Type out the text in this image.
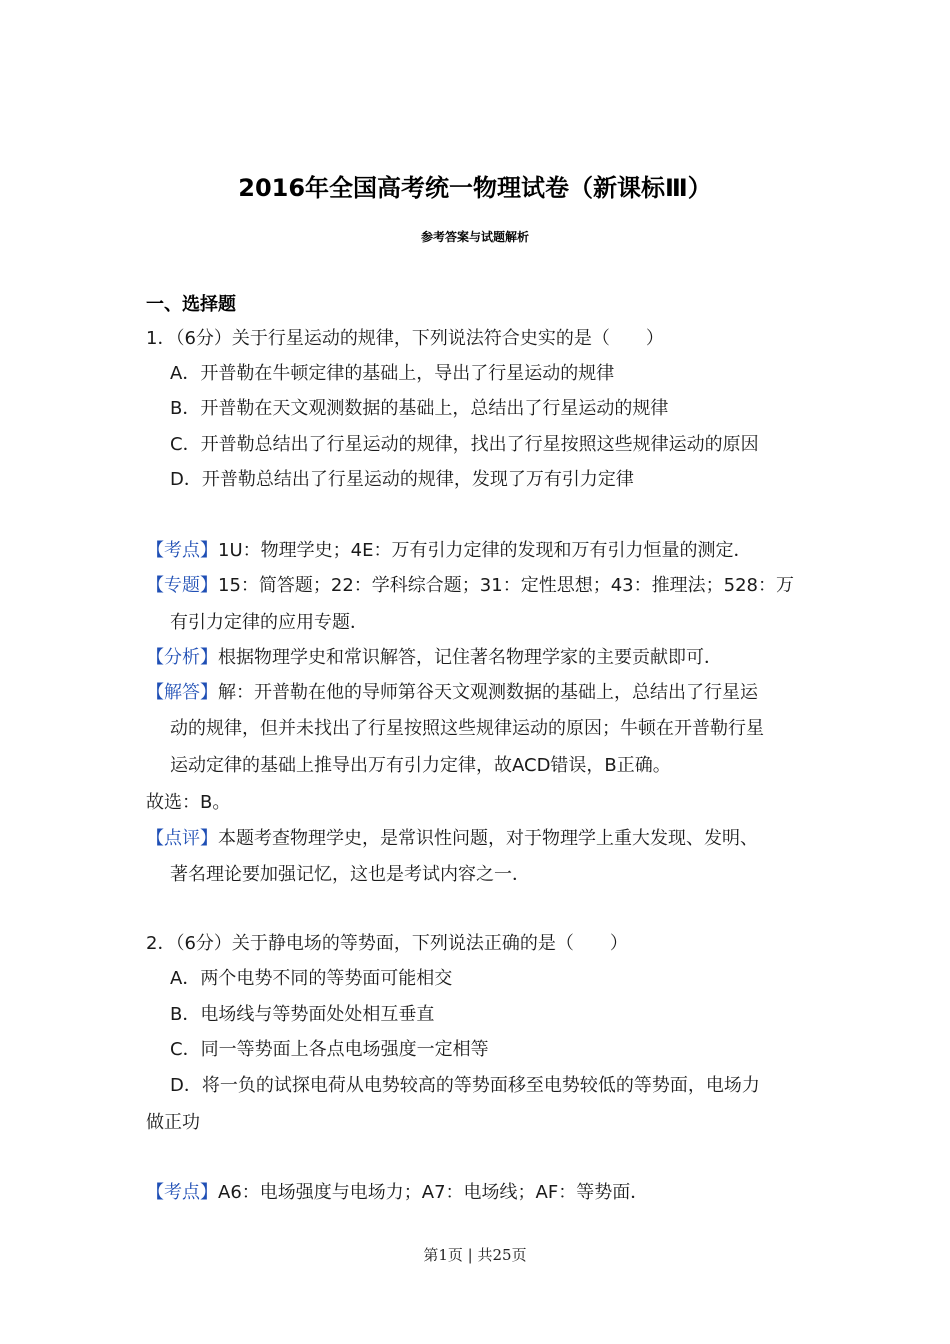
2016年全国高考统一物理试卷（新课标Ⅲ）
参考答案与试题解析
一、选择题
1．（6分）关于行星运动的规律，下列说法符合史实的是（　　）
A．开普勒在牛顿定律的基础上，导出了行星运动的规律
B．开普勒在天文观测数据的基础上，总结出了行星运动的规律
C．开普勒总结出了行星运动的规律，找出了行星按照这些规律运动的原因
D．开普勒总结出了行星运动的规律，发现了万有引力定律
【考点】1U：物理学史；4E：万有引力定律的发现和万有引力恒量的测定．
【专题】15：简答题；22：学科综合题；31：定性思想；43：推理法；528：万
有引力定律的应用专题．
【分析】根据物理学史和常识解答，记住著名物理学家的主要贡献即可．
【解答】解：开普勒在他的导师第谷天文观测数据的基础上，总结出了行星运
动的规律，但并未找出了行星按照这些规律运动的原因；牛顿在开普勒行星
运动定律的基础上推导出万有引力定律，故ACD错误，B正确。
故选：B。
【点评】本题考查物理学史，是常识性问题，对于物理学上重大发现、发明、
著名理论要加强记忆，这也是考试内容之一．
2．（6分）关于静电场的等势面，下列说法正确的是（　　）
A．两个电势不同的等势面可能相交
B．电场线与等势面处处相互垂直
C．同一等势面上各点电场强度一定相等
D．将一负的试探电荷从电势较高的等势面移至电势较低的等势面，电场力
做正功
【考点】A6：电场强度与电场力；A7：电场线；AF：等势面．
第1页 | 共25页
